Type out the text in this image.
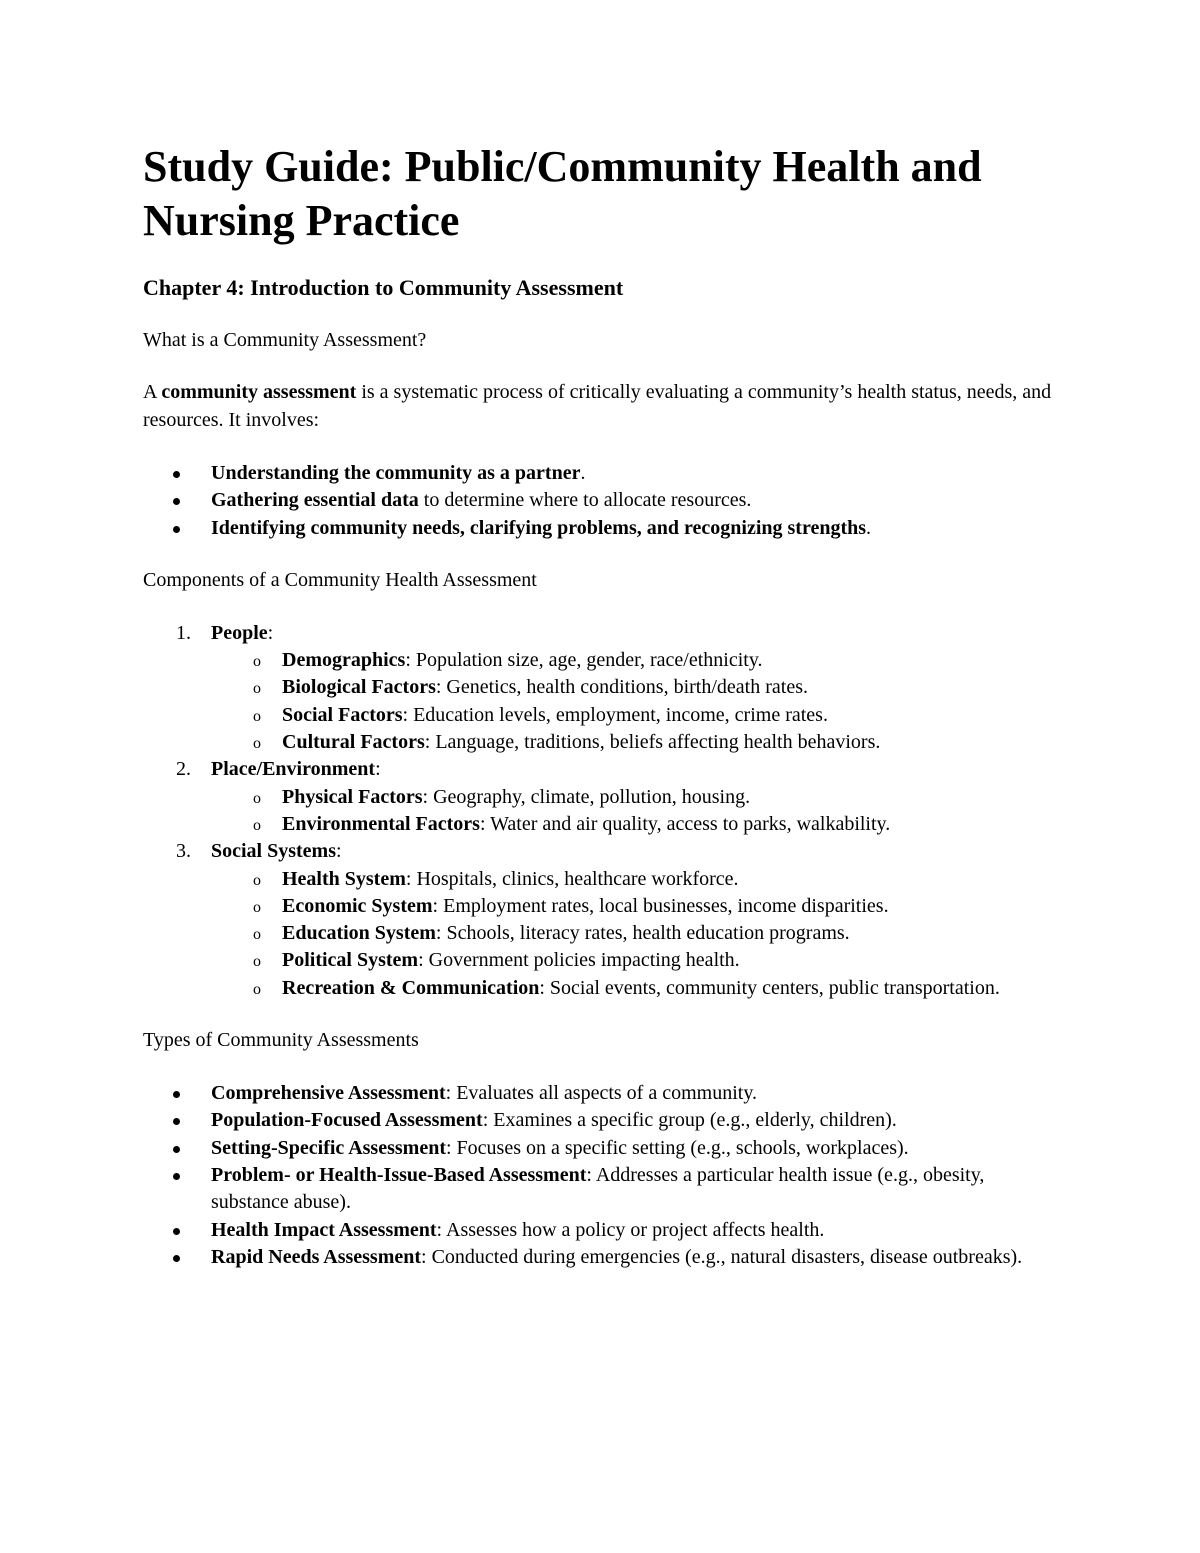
Study Guide: Public/Community Health and Nursing Practice
Chapter 4: Introduction to Community Assessment
What is a Community Assessment?

A community assessment is a systematic process of critically evaluating a community’s health status, needs, and resources. It involves:

Understanding the community as a partner.
Gathering essential data to determine where to allocate resources.
Identifying community needs, clarifying problems, and recognizing strengths.
Components of a Community Health Assessment
1. People:
o Demographics: Population size, age, gender, race/ethnicity.
o Biological Factors: Genetics, health conditions, birth/death rates.
o Social Factors: Education levels, employment, income, crime rates.
o Cultural Factors: Language, traditions, beliefs affecting health behaviors.
2. Place/Environment:
o Physical Factors: Geography, climate, pollution, housing.
o Environmental Factors: Water and air quality, access to parks, walkability.
3. Social Systems:
o Health System: Hospitals, clinics, healthcare workforce.
o Economic System: Employment rates, local businesses, income disparities.
o Education System: Schools, literacy rates, health education programs.
o Political System: Government policies impacting health.
o Recreation & Communication: Social events, community centers, public transportation.
Types of Community Assessments
Comprehensive Assessment: Evaluates all aspects of a community.
Population-Focused Assessment: Examines a specific group (e.g., elderly, children).
Setting-Specific Assessment: Focuses on a specific setting (e.g., schools, workplaces).
Problem- or Health-Issue-Based Assessment: Addresses a particular health issue (e.g., obesity, substance abuse).
Health Impact Assessment: Assesses how a policy or project affects health.
Rapid Needs Assessment: Conducted during emergencies (e.g., natural disasters, disease outbreaks).
